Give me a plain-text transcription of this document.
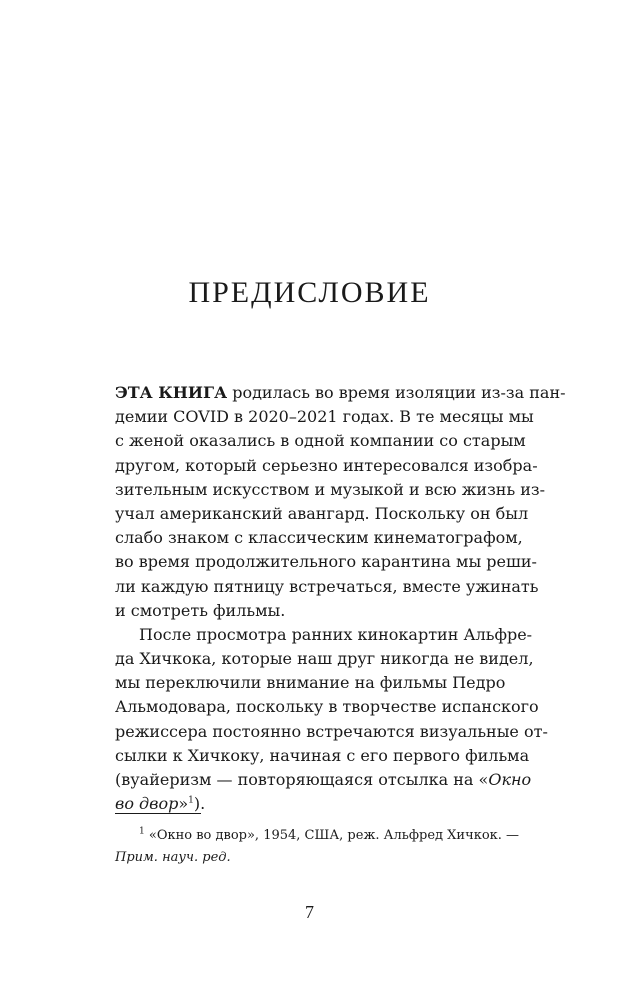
ПРЕДИСЛОВИЕ
ЭТА КНИГА родилась во время изоляции из-за пан-
демии COVID в 2020–2021 годах. В те месяцы мы
с женой оказались в одной компании со старым
другом, который серьезно интересовался изобра-
зительным искусством и музыкой и всю жизнь из-
учал американский авангард. Поскольку он был
слабо знаком с классическим кинематографом,
во время продолжительного карантина мы реши-
ли каждую пятницу встречаться, вместе ужинать
и смотреть фильмы.
После просмотра ранних кинокартин Альфре-
да Хичкока, которые наш друг никогда не видел,
мы переключили внимание на фильмы Педро
Альмодовара, поскольку в творчестве испанского
режиссера постоянно встречаются визуальные от-
сылки к Хичкоку, начиная с его первого фильма
(вуайеризм — повторяющаяся отсылка на «Окно
во двор»$^1$).
$^1$ «Окно во двор», 1954, США, реж. Альфред Хичкок. —
Прим. науч. ред.
7
